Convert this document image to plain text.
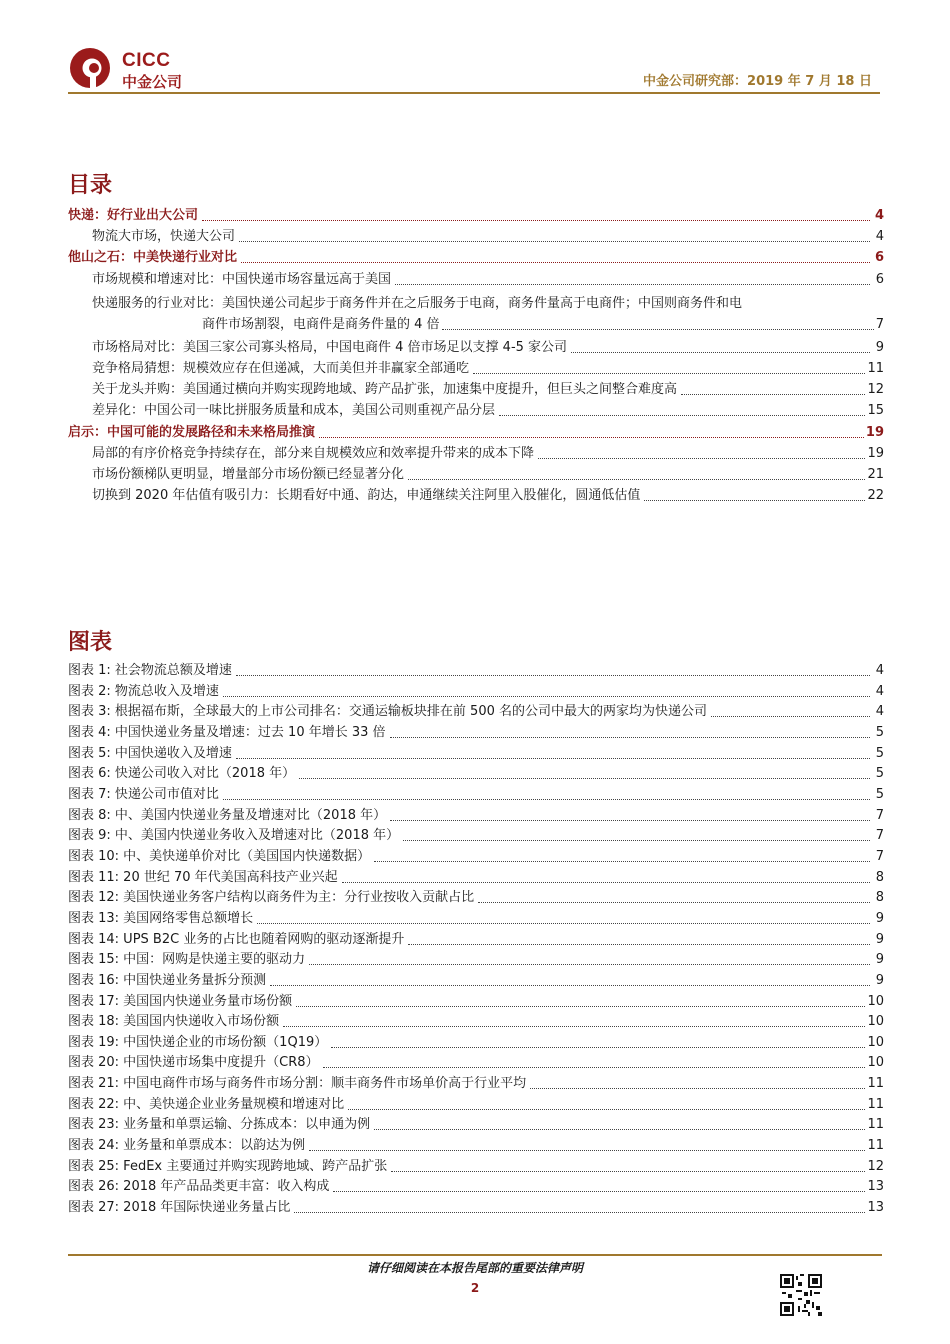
CICC
中金公司	中金公司研究部：2019 年 7 月 18 日
目录
快递：好行业出大公司	4
物流大市场，快递大公司	4
他山之石：中美快递行业对比	6
市场规模和增速对比：中国快递市场容量远高于美国	6
快递服务的行业对比：美国快递公司起步于商务件并在之后服务于电商，商务件量高于电商件；中国则商务件和电
商件市场割裂，电商件是商务件量的 4 倍	7
市场格局对比：美国三家公司寡头格局，中国电商件 4 倍市场足以支撑 4-5 家公司	9
竞争格局猜想：规模效应存在但递减，大而美但并非赢家全部通吃	11
关于龙头并购：美国通过横向并购实现跨地域、跨产品扩张，加速集中度提升，但巨头之间整合难度高	12
差异化：中国公司一味比拼服务质量和成本，美国公司则重视产品分层	15
启示：中国可能的发展路径和未来格局推演	19
局部的有序价格竞争持续存在，部分来自规模效应和效率提升带来的成本下降	19
市场份额梯队更明显，增量部分市场份额已经显著分化	21
切换到 2020 年估值有吸引力：长期看好中通、韵达，申通继续关注阿里入股催化，圆通低估值	22
图表
图表 1: 社会物流总额及增速	4
图表 2: 物流总收入及增速	4
图表 3: 根据福布斯，全球最大的上市公司排名：交通运输板块排在前 500 名的公司中最大的两家均为快递公司	4
图表 4: 中国快递业务量及增速：过去 10 年增长 33 倍	5
图表 5: 中国快递收入及增速	5
图表 6: 快递公司收入对比（2018 年）	5
图表 7: 快递公司市值对比	5
图表 8: 中、美国内快递业务量及增速对比（2018 年）	7
图表 9: 中、美国内快递业务收入及增速对比（2018 年）	7
图表 10: 中、美快递单价对比（美国国内快递数据）	7
图表 11: 20 世纪 70 年代美国高科技产业兴起	8
图表 12: 美国快递业务客户结构以商务件为主：分行业按收入贡献占比	8
图表 13: 美国网络零售总额增长	9
图表 14: UPS B2C 业务的占比也随着网购的驱动逐渐提升	9
图表 15: 中国：网购是快递主要的驱动力	9
图表 16: 中国快递业务量拆分预测	9
图表 17: 美国国内快递业务量市场份额	10
图表 18: 美国国内快递收入市场份额	10
图表 19: 中国快递企业的市场份额（1Q19）	10
图表 20: 中国快递市场集中度提升（CR8）	10
图表 21: 中国电商件市场与商务件市场分割：顺丰商务件市场单价高于行业平均	11
图表 22: 中、美快递企业业务量规模和增速对比	11
图表 23: 业务量和单票运输、分拣成本：以申通为例	11
图表 24: 业务量和单票成本：以韵达为例	11
图表 25: FedEx 主要通过并购实现跨地域、跨产品扩张	12
图表 26: 2018 年产品品类更丰富：收入构成	13
图表 27: 2018 年国际快递业务量占比	13
请仔细阅读在本报告尾部的重要法律声明
2
